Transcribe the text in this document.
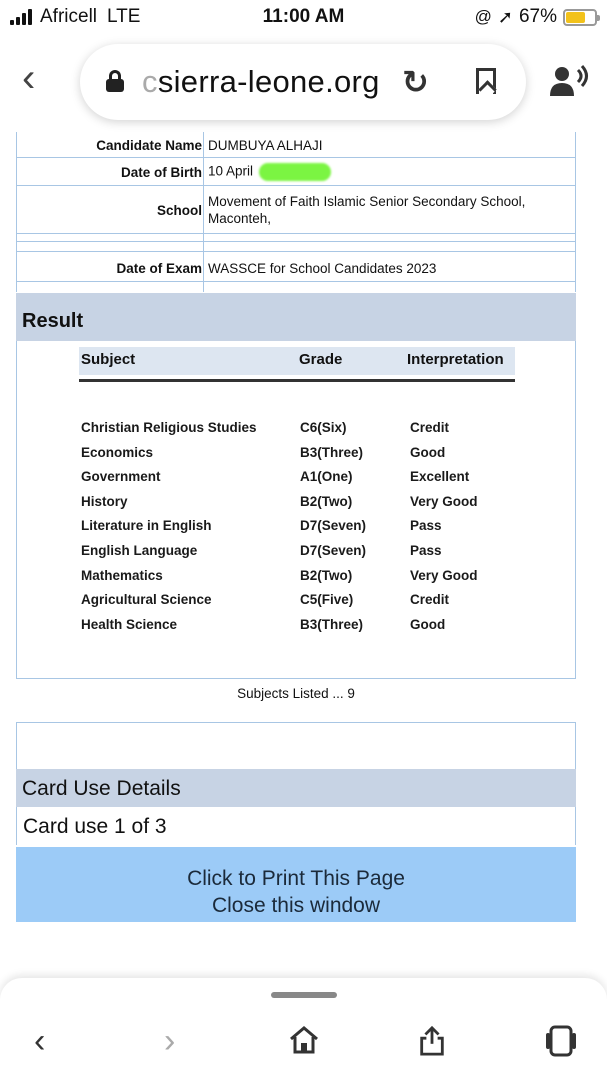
Africell LTE	11:00 AM	@ ➚ 67%
‹	csierra-leone.org ↻
Candidate Name DUMBUYA ALHAJI
Date of Birth 10 April
School
Movement of Faith Islamic Senior Secondary School, Maconteh,
Date of Exam WASSCE for School Candidates 2023
Result
Subject	Grade	Interpretation
Christian Religious Studies	C6(Six)	Credit
Economics	B3(Three)	Good
Government	A1(One)	Excellent
History	B2(Two)	Very Good
Literature in English	D7(Seven)	Pass
English Language	D7(Seven)	Pass
Mathematics	B2(Two)	Very Good
Agricultural Science	C5(Five)	Credit
Health Science	B3(Three)	Good
Subjects Listed ... 9
Card Use Details
Card use 1 of 3
Click to Print This Page
Close this window
‹	›
